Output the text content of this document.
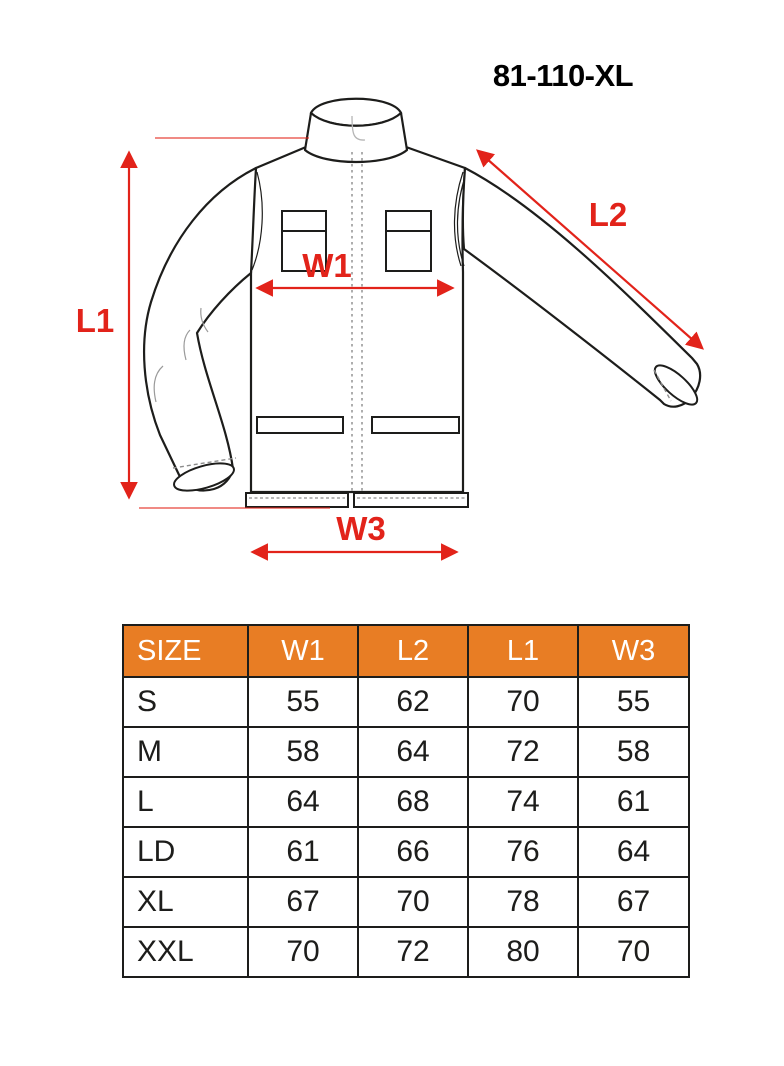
81-110-XL
L1
L2
W1
W3
SIZE	W1	L2	L1	W3
S	55	62	70	55
M	58	64	72	58
L	64	68	74	61
LD	61	66	76	64
XL	67	70	78	67
XXL	70	72	80	70
